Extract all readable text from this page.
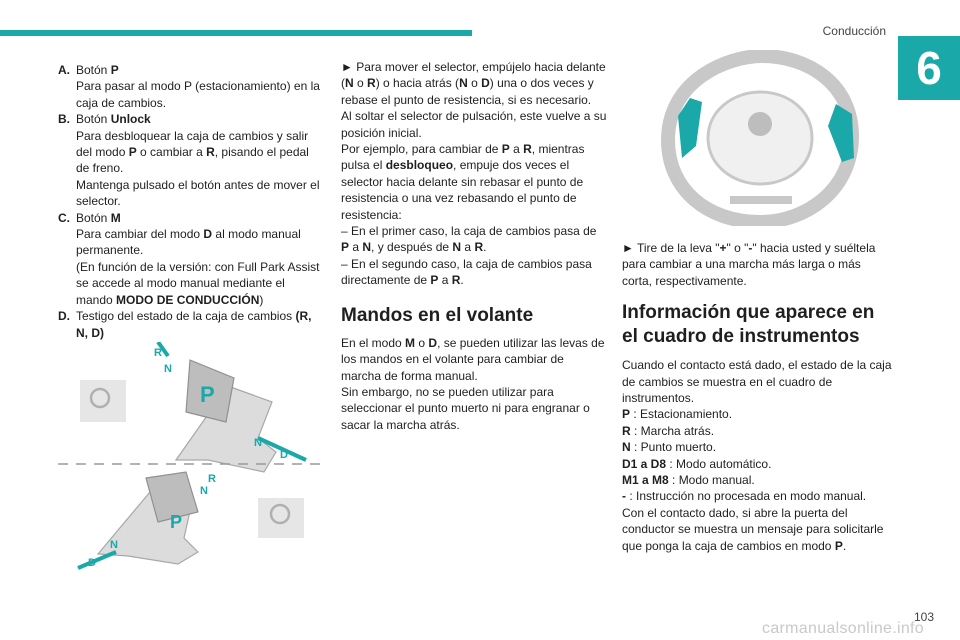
Conducción
6
A. Botón P
Para pasar al modo P (estacionamiento) en la caja de cambios.
B. Botón Unlock
Para desbloquear la caja de cambios y salir del modo P o cambiar a R, pisando el pedal de freno.
Mantenga pulsado el botón antes de mover el selector.
C. Botón M
Para cambiar del modo D al modo manual permanente.
(En función de la versión: con Full Park Assist se accede al modo manual mediante el mando MODO DE CONDUCCIÓN)
D. Testigo del estado de la caja de cambios (R, N, D)
P
R
N
N
D
P
R
N
N
D
► Para mover el selector, empújelo hacia delante (N o R) o hacia atrás (N o D) una o dos veces y rebase el punto de resistencia, si es necesario.
Al soltar el selector de pulsación, este vuelve a su posición inicial.
Por ejemplo, para cambiar de P a R, mientras pulsa el desbloqueo, empuje dos veces el selector hacia delante sin rebasar el punto de resistencia o una vez rebasando el punto de resistencia:
– En el primer caso, la caja de cambios pasa de P a N, y después de N a R.
– En el segundo caso, la caja de cambios pasa directamente de P a R.
Mandos en el volante
En el modo M o D, se pueden utilizar las levas de los mandos en el volante para cambiar de marcha de forma manual.
Sin embargo, no se pueden utilizar para seleccionar el punto muerto ni para engranar o sacar la marcha atrás.
► Tire de la leva "+" o "-" hacia usted y suéltela para cambiar a una marcha más larga o más corta, respectivamente.
Información que aparece en el cuadro de instrumentos
Cuando el contacto está dado, el estado de la caja de cambios se muestra en el cuadro de instrumentos.
P : Estacionamiento.
R : Marcha atrás.
N : Punto muerto.
D1 a D8 : Modo automático.
M1 a M8 : Modo manual.
- : Instrucción no procesada en modo manual.
Con el contacto dado, si abre la puerta del conductor se muestra un mensaje para solicitarle que ponga la caja de cambios en modo P.
103
carmanualsonline.info
